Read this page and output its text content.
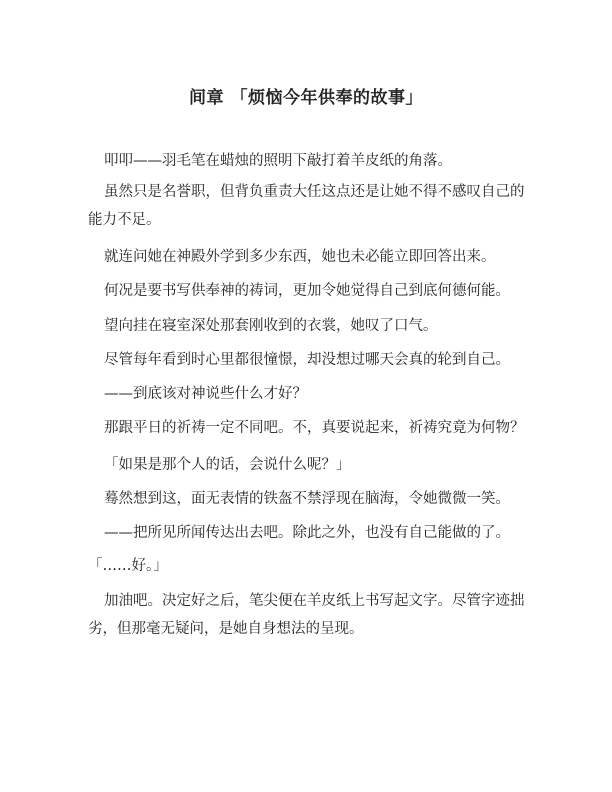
间章 「烦恼今年供奉的故事」

叩叩——羽毛笔在蜡烛的照明下敲打着羊皮纸的角落。

虽然只是名誉职，但背负重责大任这点还是让她不得不感叹自己的
能力不足。

就连问她在神殿外学到多少东西，她也未必能立即回答出来。

何况是要书写供奉神的祷词，更加令她觉得自己到底何德何能。

望向挂在寝室深处那套刚收到的衣裳，她叹了口气。

尽管每年看到时心里都很憧憬，却没想过哪天会真的轮到自己。

——到底该对神说些什么才好？

那跟平日的祈祷一定不同吧。不，真要说起来，祈祷究竟为何物？

「如果是那个人的话，会说什么呢？」

蓦然想到这，面无表情的铁盔不禁浮现在脑海，令她微微一笑。

——把所见所闻传达出去吧。除此之外，也没有自己能做的了。

「……好。」

加油吧。决定好之后，笔尖便在羊皮纸上书写起文字。尽管字迹拙
劣，但那毫无疑问，是她自身想法的呈现。
